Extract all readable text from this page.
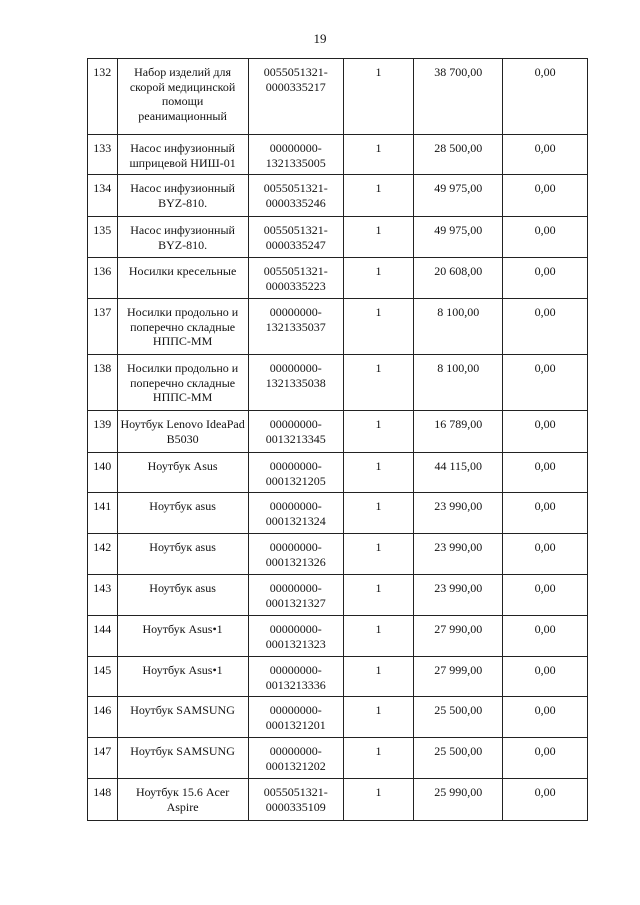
19
132	Набор изделий для скорой медицинской помощи реанимационный	0055051321-0000335217	1	38 700,00	0,00
133	Насос инфузионный шприцевой НИШ-01	00000000-1321335005	1	28 500,00	0,00
134	Насос инфузионный BYZ-810.	0055051321-0000335246	1	49 975,00	0,00
135	Насос инфузионный BYZ-810.	0055051321-0000335247	1	49 975,00	0,00
136	Носилки кресельные	0055051321-0000335223	1	20 608,00	0,00
137	Носилки продольно и поперечно складные НППС-ММ	00000000-1321335037	1	8 100,00	0,00
138	Носилки продольно и поперечно складные НППС-ММ	00000000-1321335038	1	8 100,00	0,00
139	Ноутбук Lenovo IdeaPad B5030	00000000-0013213345	1	16 789,00	0,00
140	Ноутбук Asus	00000000-0001321205	1	44 115,00	0,00
141	Ноутбук asus	00000000-0001321324	1	23 990,00	0,00
142	Ноутбук asus	00000000-0001321326	1	23 990,00	0,00
143	Ноутбук asus	00000000-0001321327	1	23 990,00	0,00
144	Ноутбук Asus•1	00000000-0001321323	1	27 990,00	0,00
145	Ноутбук Asus•1	00000000-0013213336	1	27 999,00	0,00
146	Ноутбук SAMSUNG	00000000-0001321201	1	25 500,00	0,00
147	Ноутбук SAMSUNG	00000000-0001321202	1	25 500,00	0,00
148	Ноутбук 15.6 Acer Aspire	0055051321-0000335109	1	25 990,00	0,00
